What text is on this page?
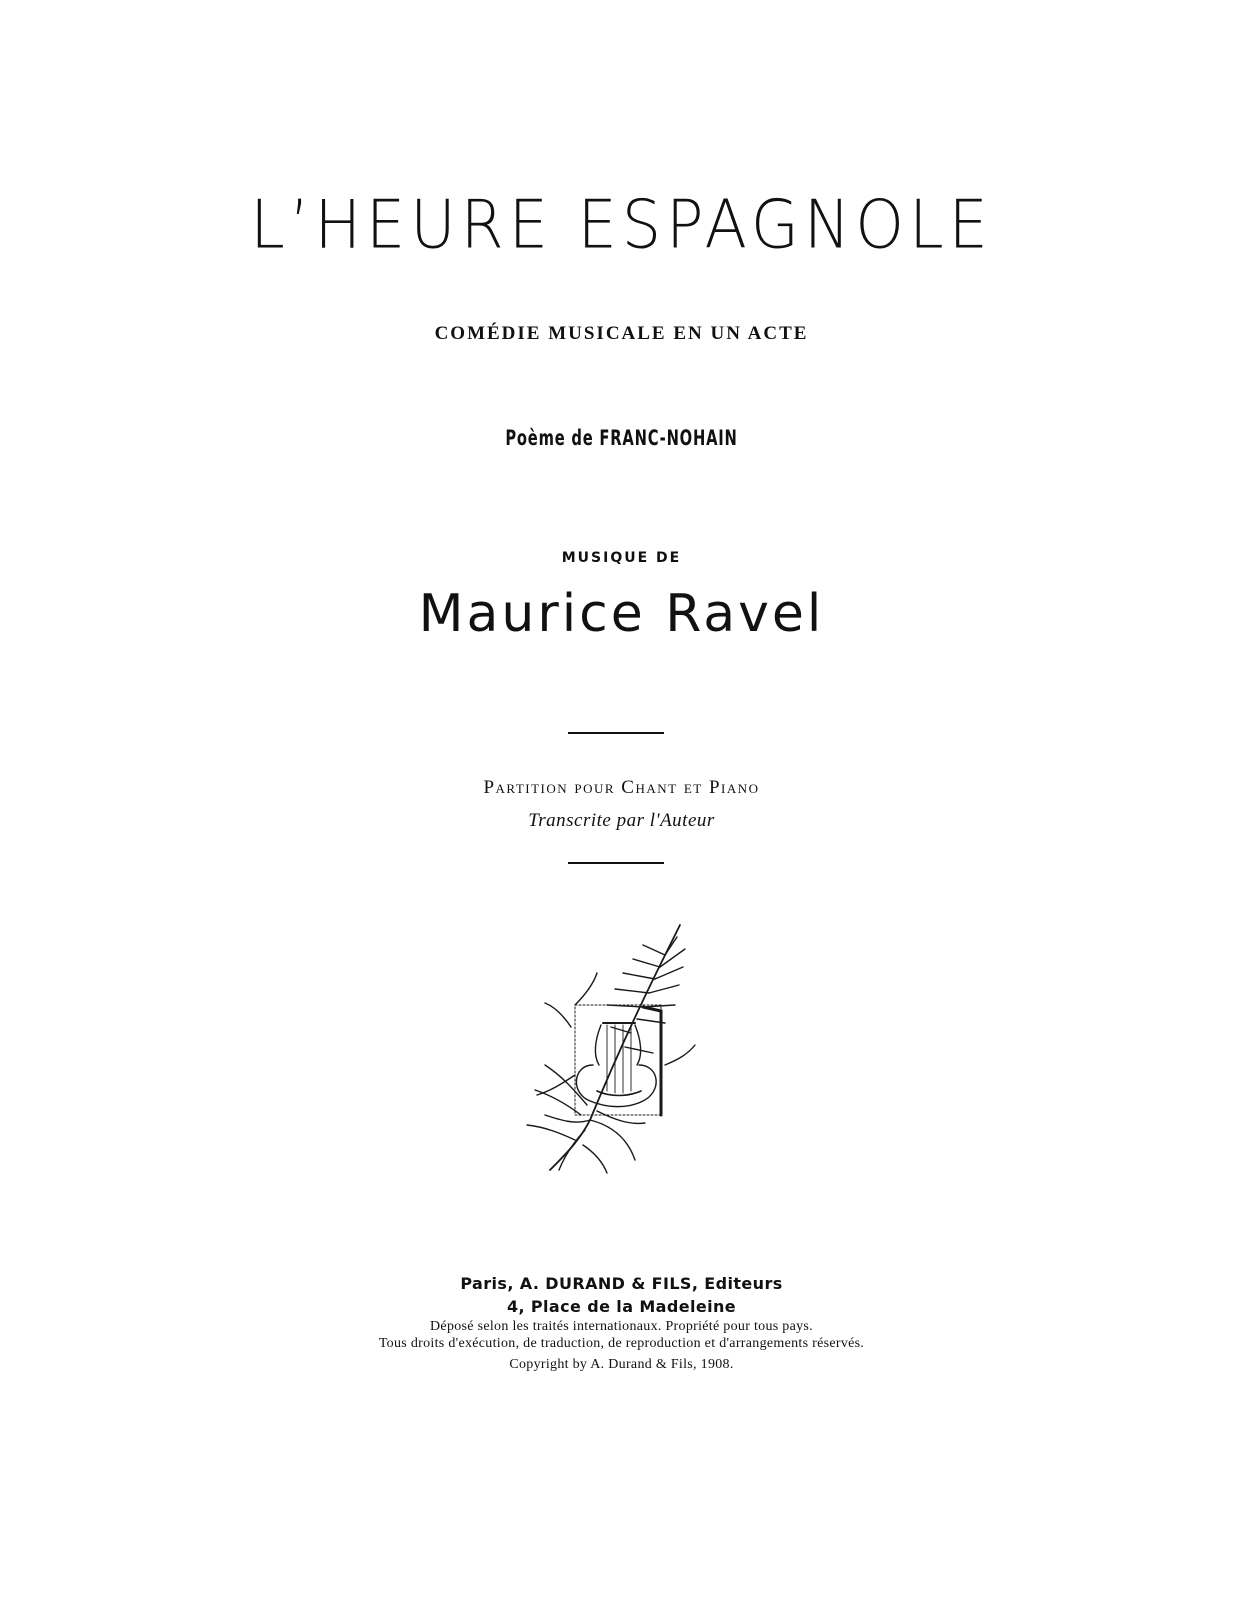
L’HEURE ESPAGNOLE
COMÉDIE MUSICALE EN UN ACTE
Poème de FRANC-NOHAIN
MUSIQUE DE
Maurice Ravel
Partition pour Chant et Piano
Transcrite par l'Auteur
Paris, A. DURAND & FILS, Editeurs
4, Place de la Madeleine
Déposé selon les traités internationaux. Propriété pour tous pays.
Tous droits d'exécution, de traduction, de reproduction et d'arrangements réservés.
Copyright by A. Durand & Fils, 1908.
